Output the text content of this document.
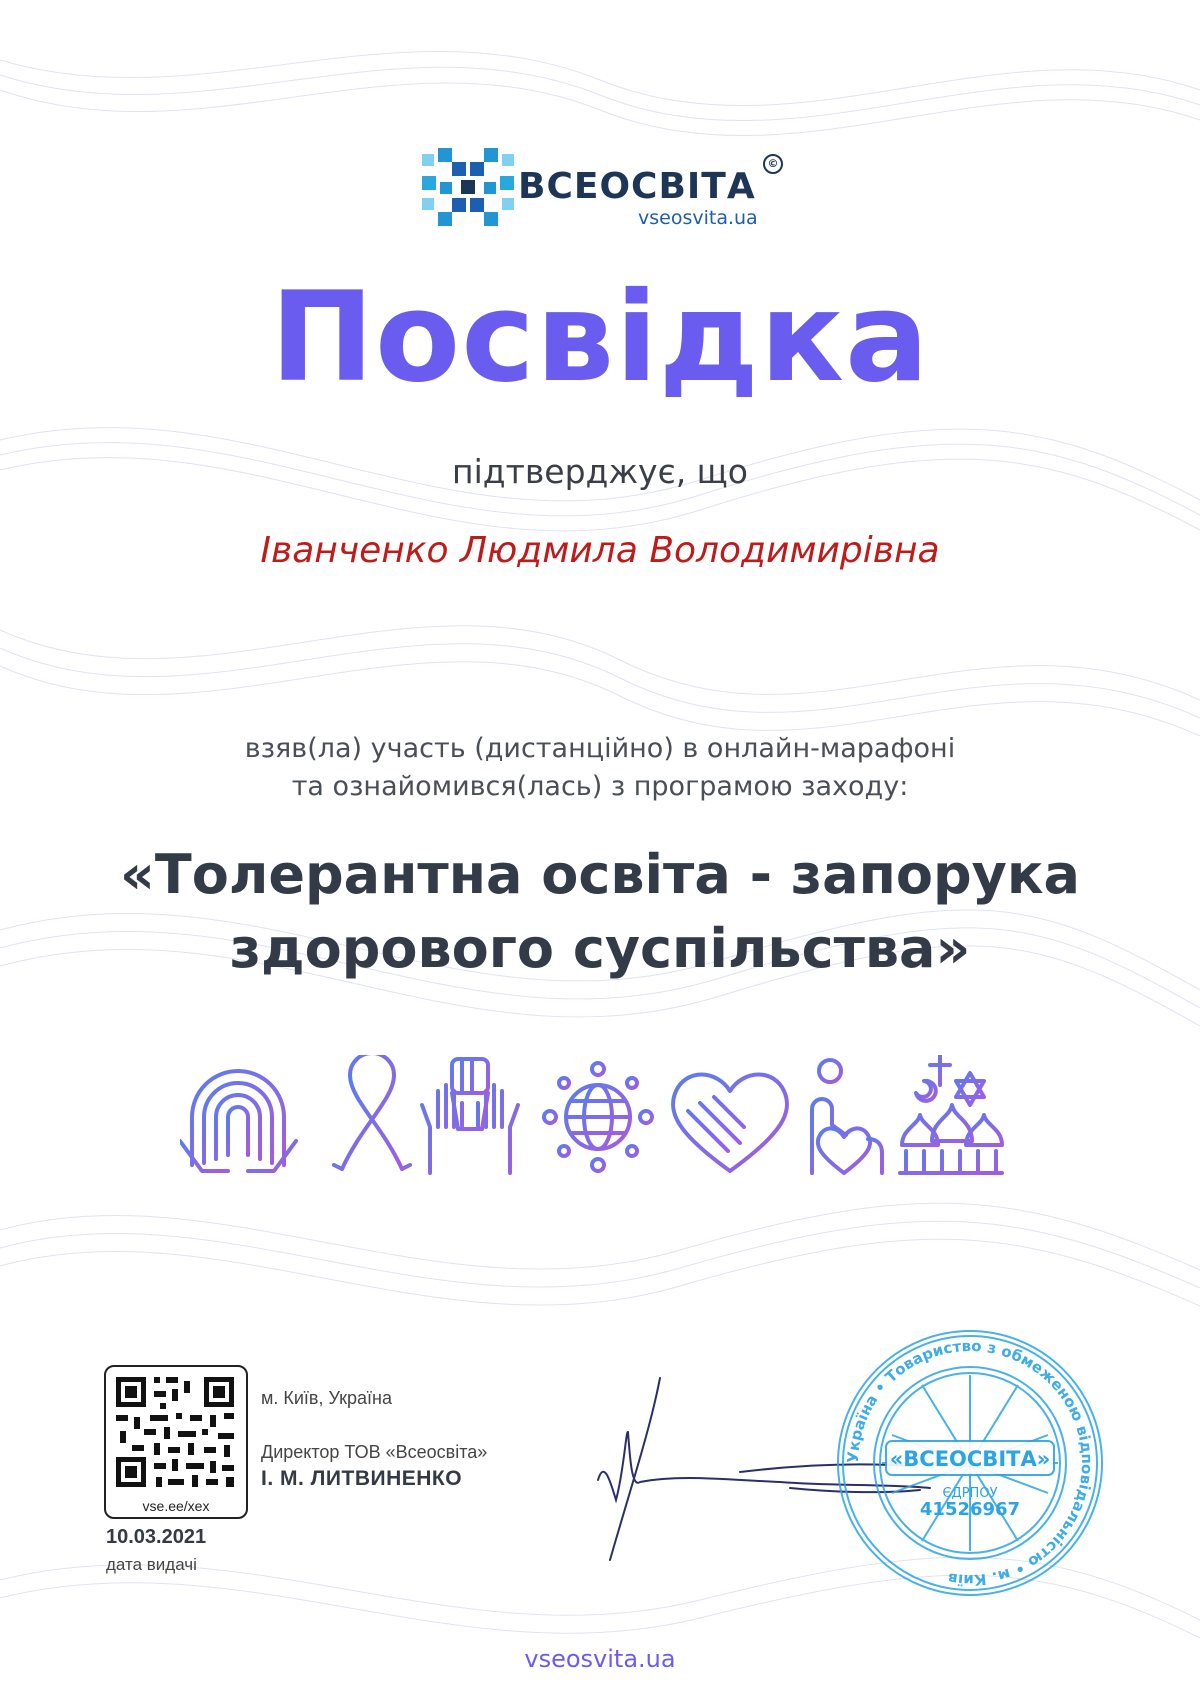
ВСЕОСВІТА
©
vseosvita.ua
Посвідка
підтверджує, що
Іванченко Людмила Володимирівна
взяв(ла) участь (дистанційно) в онлайн-марафоні
та ознайомився(лась) з програмою заходу:
«Толерантна освіта - запорука
здорового суспільства»
vse.ee/xex
10.03.2021
дата видачі
м. Київ, Україна
Директор ТОВ «Всеосвіта»
І. М. ЛИТВИНЕНКО
Україна • Товариство з обмеженою відповідальністю • м. Київ
«ВСЕОСВІТА»
ЄДРПОУ
41526967
vseosvita.ua
